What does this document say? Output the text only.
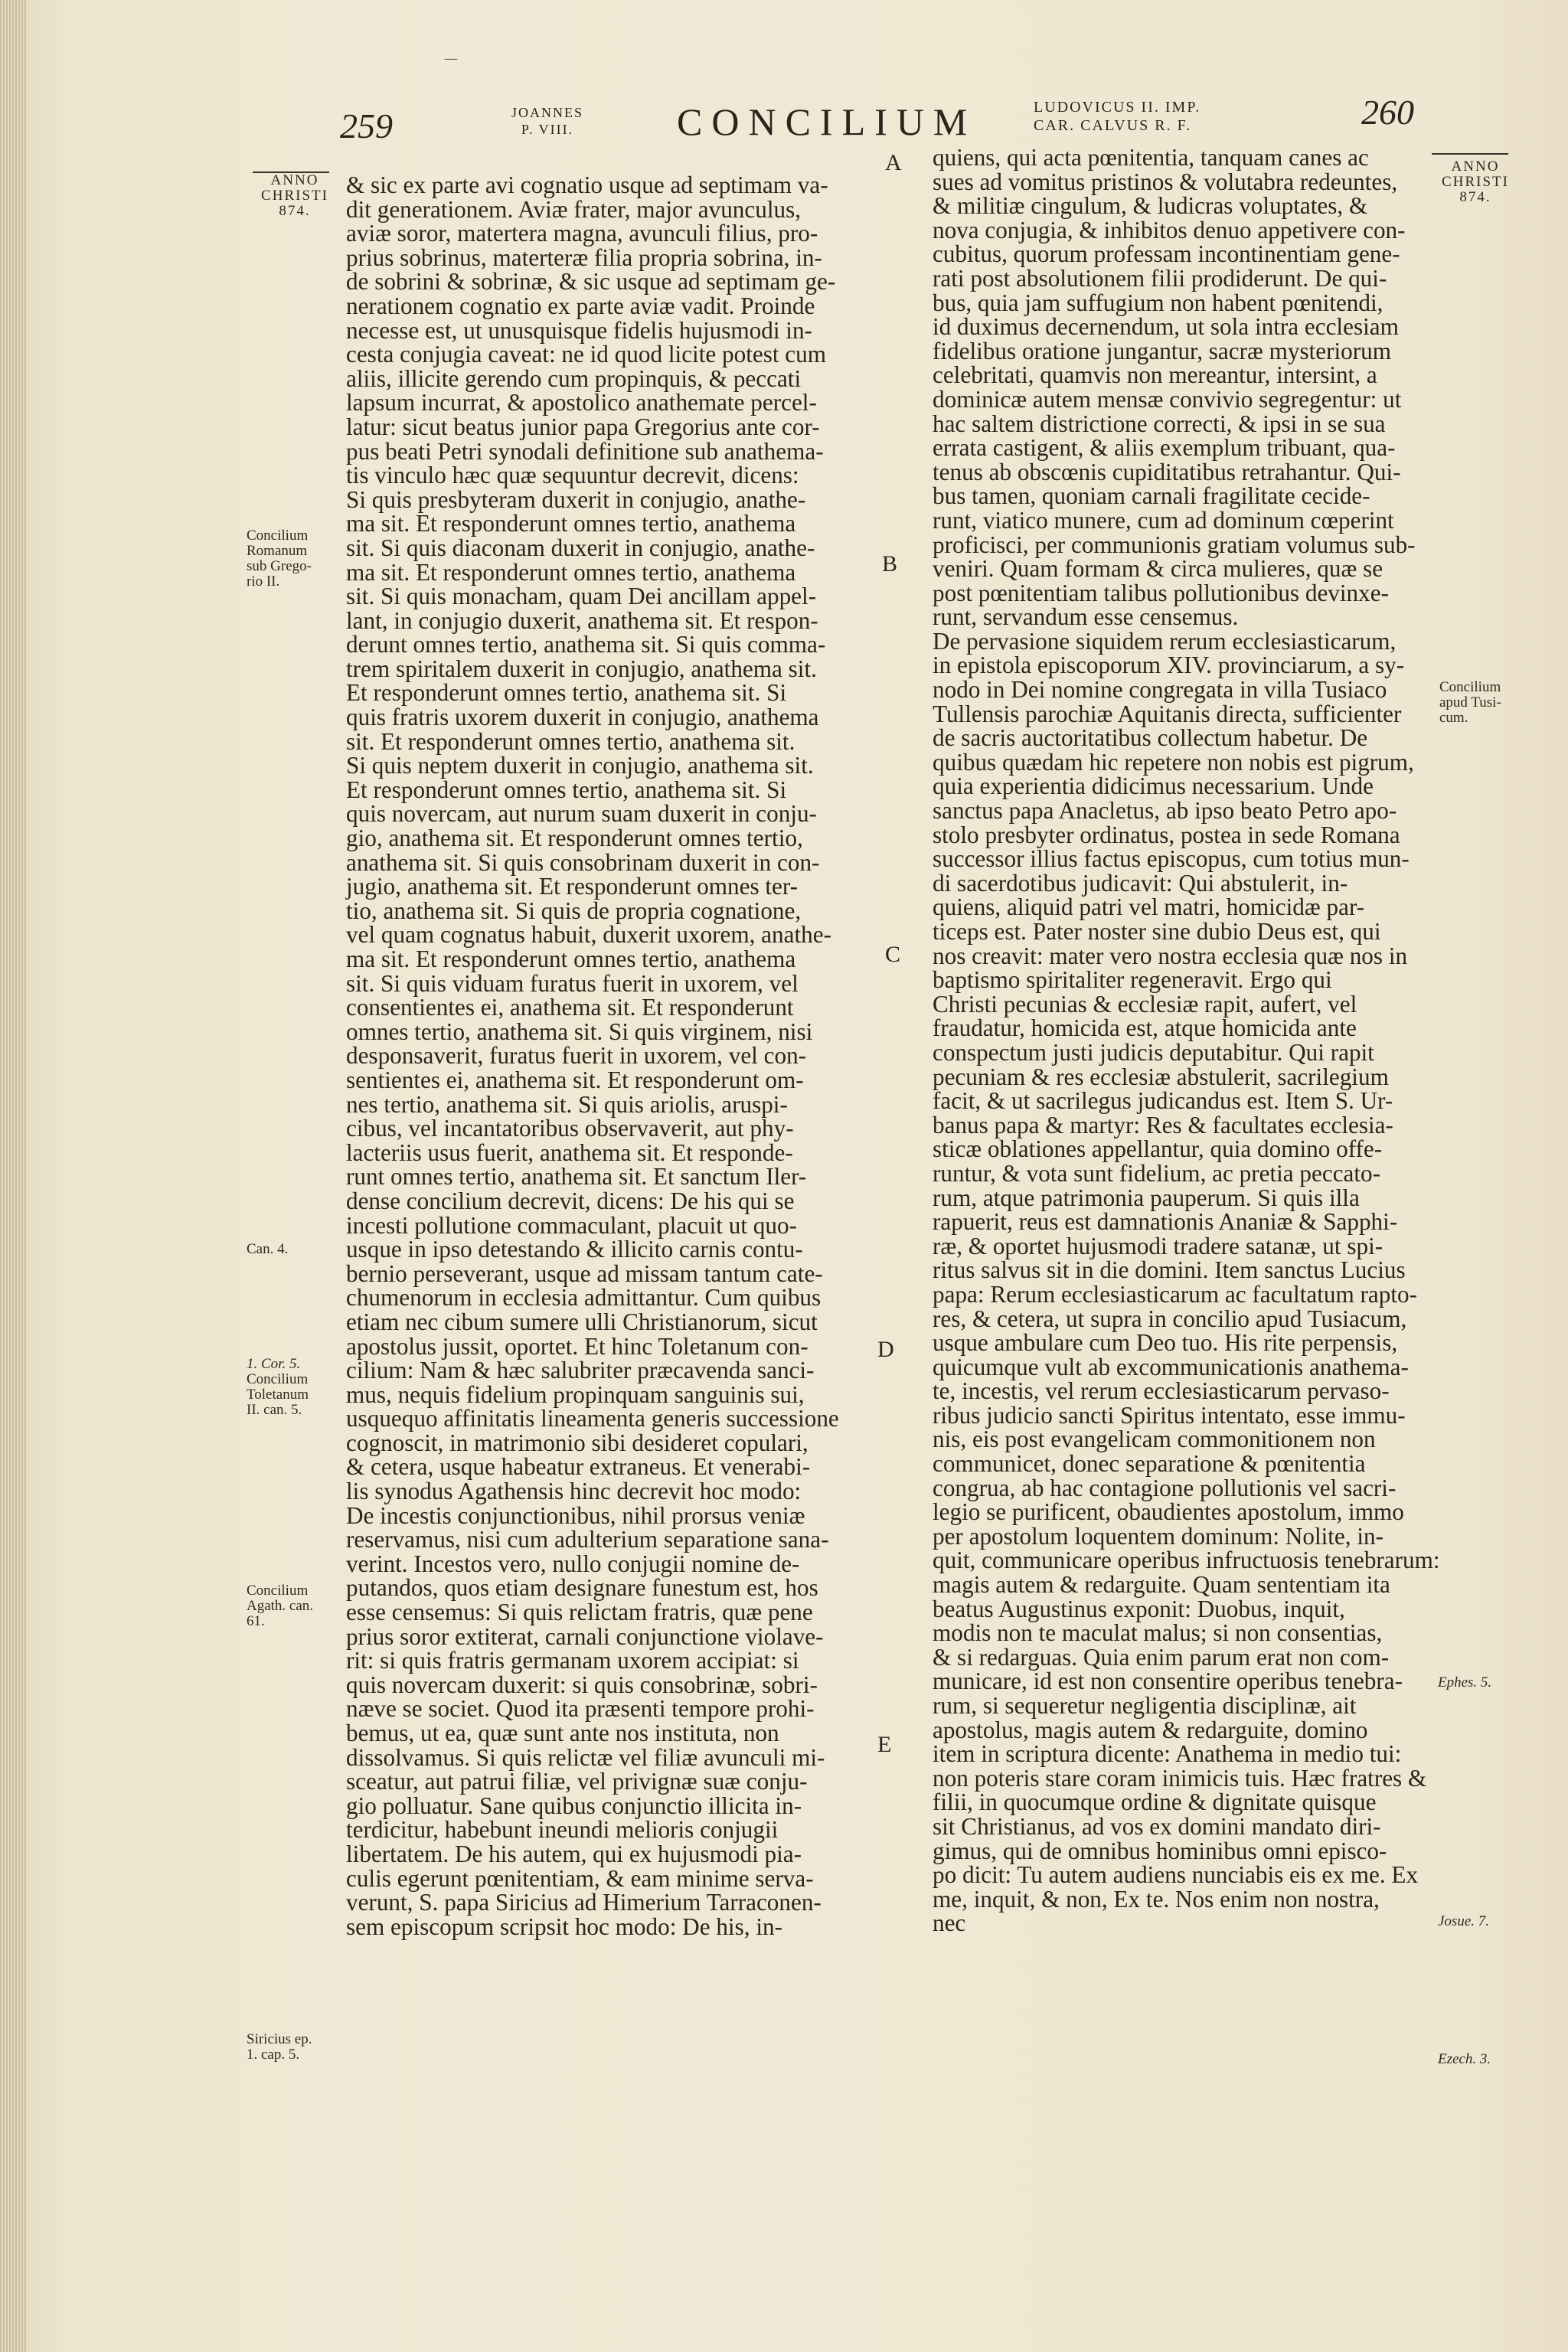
259	JOANNES
P. VIII.	CONCILIUM	LUDOVICUS II. IMP.
CAR. CALVUS R. F.	260
ANNO
CHRISTI
874.
Concilium
Romanum
sub Grego-
rio II.
Can. 4.
1. Cor. 5.
Concilium
Toletanum
II. can. 5.
Concilium
Agath. can.
61.
Siricius ep.
1. cap. 5.
ANNO
CHRISTI
874.
Concilium
apud Tusi-
cum.
Ephes. 5.
Josue. 7.
Ezech. 3.
A
B
C
D
E
—
& sic ex parte avi cognatio usque ad septimam va-
dit generationem. Aviæ frater, major avunculus,
aviæ soror, matertera magna, avunculi filius, pro-
prius sobrinus, materteræ filia propria sobrina, in-
de sobrini & sobrinæ, & sic usque ad septimam ge-
nerationem cognatio ex parte aviæ vadit. Proinde
necesse est, ut unusquisque fidelis hujusmodi in-
cesta conjugia caveat: ne id quod licite potest cum
aliis, illicite gerendo cum propinquis, & peccati
lapsum incurrat, & apostolico anathemate percel-
latur: sicut beatus junior papa Gregorius ante cor-
pus beati Petri synodali definitione sub anathema-
tis vinculo hæc quæ sequuntur decrevit, dicens:
Si quis presbyteram duxerit in conjugio, anathe-
ma sit. Et responderunt omnes tertio, anathema
sit. Si quis diaconam duxerit in conjugio, anathe-
ma sit. Et responderunt omnes tertio, anathema
sit. Si quis monacham, quam Dei ancillam appel-
lant, in conjugio duxerit, anathema sit. Et respon-
derunt omnes tertio, anathema sit. Si quis comma-
trem spiritalem duxerit in conjugio, anathema sit.
Et responderunt omnes tertio, anathema sit. Si
quis fratris uxorem duxerit in conjugio, anathema
sit. Et responderunt omnes tertio, anathema sit.
Si quis neptem duxerit in conjugio, anathema sit.
Et responderunt omnes tertio, anathema sit. Si
quis novercam, aut nurum suam duxerit in conju-
gio, anathema sit. Et responderunt omnes tertio,
anathema sit. Si quis consobrinam duxerit in con-
jugio, anathema sit. Et responderunt omnes ter-
tio, anathema sit. Si quis de propria cognatione,
vel quam cognatus habuit, duxerit uxorem, anathe-
ma sit. Et responderunt omnes tertio, anathema
sit. Si quis viduam furatus fuerit in uxorem, vel
consentientes ei, anathema sit. Et responderunt
omnes tertio, anathema sit. Si quis virginem, nisi
desponsaverit, furatus fuerit in uxorem, vel con-
sentientes ei, anathema sit. Et responderunt om-
nes tertio, anathema sit. Si quis ariolis, aruspi-
cibus, vel incantatoribus observaverit, aut phy-
lacteriis usus fuerit, anathema sit. Et responde-
runt omnes tertio, anathema sit. Et sanctum Iler-
dense concilium decrevit, dicens: De his qui se
incesti pollutione commaculant, placuit ut quo-
usque in ipso detestando & illicito carnis contu-
bernio perseverant, usque ad missam tantum cate-
chumenorum in ecclesia admittantur. Cum quibus
etiam nec cibum sumere ulli Christianorum, sicut
apostolus jussit, oportet. Et hinc Toletanum con-
cilium: Nam & hæc salubriter præcavenda sanci-
mus, nequis fidelium propinquam sanguinis sui,
usquequo affinitatis lineamenta generis successione
cognoscit, in matrimonio sibi desideret copulari,
& cetera, usque habeatur extraneus. Et venerabi-
lis synodus Agathensis hinc decrevit hoc modo:
De incestis conjunctionibus, nihil prorsus veniæ
reservamus, nisi cum adulterium separatione sana-
verint. Incestos vero, nullo conjugii nomine de-
putandos, quos etiam designare funestum est, hos
esse censemus: Si quis relictam fratris, quæ pene
prius soror extiterat, carnali conjunctione violave-
rit: si quis fratris germanam uxorem accipiat: si
quis novercam duxerit: si quis consobrinæ, sobri-
næve se societ. Quod ita præsenti tempore prohi-
bemus, ut ea, quæ sunt ante nos instituta, non
dissolvamus. Si quis relictæ vel filiæ avunculi mi-
sceatur, aut patrui filiæ, vel privignæ suæ conju-
gio polluatur. Sane quibus conjunctio illicita in-
terdicitur, habebunt ineundi melioris conjugii
libertatem. De his autem, qui ex hujusmodi pia-
culis egerunt pœnitentiam, & eam minime serva-
verunt, S. papa Siricius ad Himerium Tarraconen-
sem episcopum scripsit hoc modo: De his, in-
quiens, qui acta pœnitentia, tanquam canes ac
sues ad vomitus pristinos & volutabra redeuntes,
& militiæ cingulum, & ludicras voluptates, &
nova conjugia, & inhibitos denuo appetivere con-
cubitus, quorum professam incontinentiam gene-
rati post absolutionem filii prodiderunt. De qui-
bus, quia jam suffugium non habent pœnitendi,
id duximus decernendum, ut sola intra ecclesiam
fidelibus oratione jungantur, sacræ mysteriorum
celebritati, quamvis non mereantur, intersint, a
dominicæ autem mensæ convivio segregentur: ut
hac saltem districtione correcti, & ipsi in se sua
errata castigent, & aliis exemplum tribuant, qua-
tenus ab obscœnis cupiditatibus retrahantur. Qui-
bus tamen, quoniam carnali fragilitate cecide-
runt, viatico munere, cum ad dominum cœperint
proficisci, per communionis gratiam volumus sub-
veniri. Quam formam & circa mulieres, quæ se
post pœnitentiam talibus pollutionibus devinxe-
runt, servandum esse censemus.
De pervasione siquidem rerum ecclesiasticarum,
in epistola episcoporum XIV. provinciarum, a sy-
nodo in Dei nomine congregata in villa Tusiaco
Tullensis parochiæ Aquitanis directa, sufficienter
de sacris auctoritatibus collectum habetur. De
quibus quædam hic repetere non nobis est pigrum,
quia experientia didicimus necessarium. Unde
sanctus papa Anacletus, ab ipso beato Petro apo-
stolo presbyter ordinatus, postea in sede Romana
successor illius factus episcopus, cum totius mun-
di sacerdotibus judicavit: Qui abstulerit, in-
quiens, aliquid patri vel matri, homicidæ par-
ticeps est. Pater noster sine dubio Deus est, qui
nos creavit: mater vero nostra ecclesia quæ nos in
baptismo spiritaliter regeneravit. Ergo qui
Christi pecunias & ecclesiæ rapit, aufert, vel
fraudatur, homicida est, atque homicida ante
conspectum justi judicis deputabitur. Qui rapit
pecuniam & res ecclesiæ abstulerit, sacrilegium
facit, & ut sacrilegus judicandus est. Item S. Ur-
banus papa & martyr: Res & facultates ecclesia-
sticæ oblationes appellantur, quia domino offe-
runtur, & vota sunt fidelium, ac pretia peccato-
rum, atque patrimonia pauperum. Si quis illa
rapuerit, reus est damnationis Ananiæ & Sapphi-
ræ, & oportet hujusmodi tradere satanæ, ut spi-
ritus salvus sit in die domini. Item sanctus Lucius
papa: Rerum ecclesiasticarum ac facultatum rapto-
res, & cetera, ut supra in concilio apud Tusiacum,
usque ambulare cum Deo tuo. His rite perpensis,
quicumque vult ab excommunicationis anathema-
te, incestis, vel rerum ecclesiasticarum pervaso-
ribus judicio sancti Spiritus intentato, esse immu-
nis, eis post evangelicam commonitionem non
communicet, donec separatione & pœnitentia
congrua, ab hac contagione pollutionis vel sacri-
legio se purificent, obaudientes apostolum, immo
per apostolum loquentem dominum: Nolite, in-
quit, communicare operibus infructuosis tenebrarum:
magis autem & redarguite. Quam sententiam ita
beatus Augustinus exponit: Duobus, inquit,
modis non te maculat malus; si non consentias,
& si redarguas. Quia enim parum erat non com-
municare, id est non consentire operibus tenebra-
rum, si sequeretur negligentia disciplinæ, ait
apostolus, magis autem & redarguite, domino
item in scriptura dicente: Anathema in medio tui:
non poteris stare coram inimicis tuis. Hæc fratres &
filii, in quocumque ordine & dignitate quisque
sit Christianus, ad vos ex domini mandato diri-
gimus, qui de omnibus hominibus omni episco-
po dicit: Tu autem audiens nunciabis eis ex me. Ex
me, inquit, & non, Ex te. Nos enim non nostra,
nec
